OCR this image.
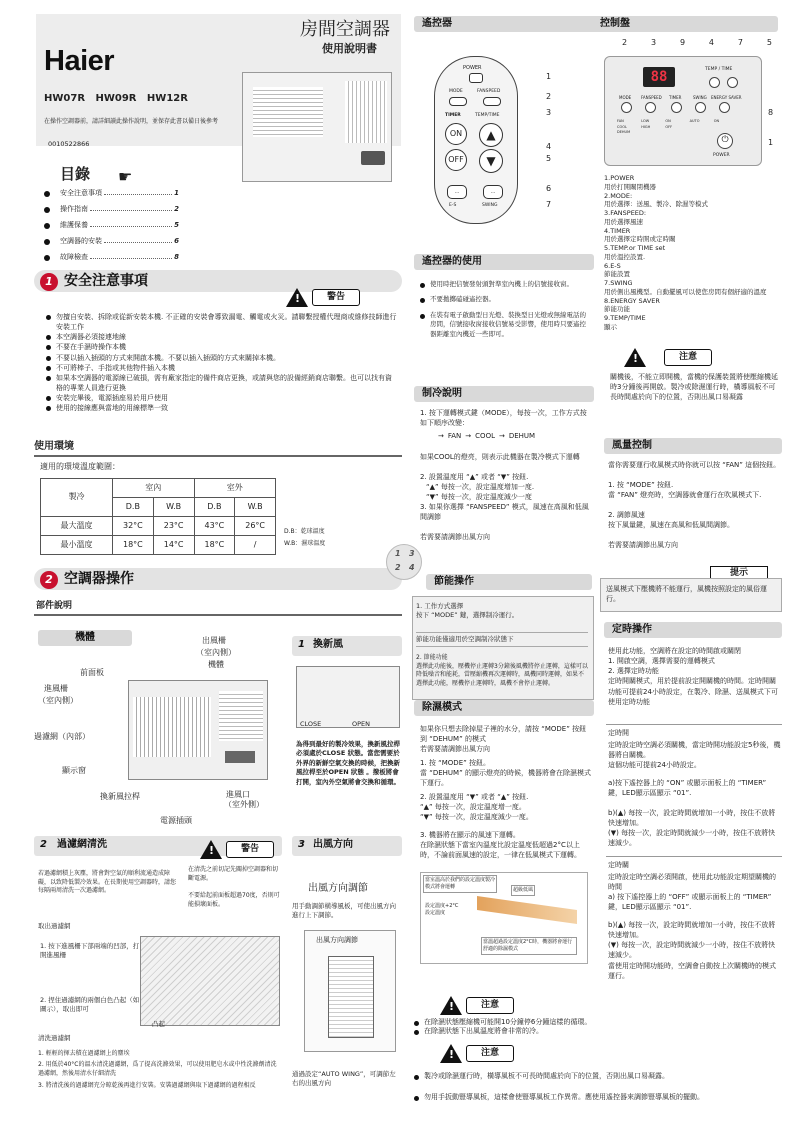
Haier
房間空調器
使用說明書
HW07R   HW09R   HW12R
在操作空調器前，請詳細讀此操作說明，並保存此書以備日後參考
0010522866
目錄 ☛
安全注意事項	1
操作指南	2
維護保養	5
空調器的安裝	6
故障檢查	8
1 安全注意事項
!
警告
勿擅自安裝、拆除或從新安裝本機. 不正確的安裝會導致漏電、觸電或火災。請聯繫授權代理商或維修技師進行安裝工作
本空調器必須接連地線
不要在手濕時操作本機
不要以插入插頭的方式來開啟本機。不要以插入插頭的方式來關掉本機。
不可將棒子、手指或其他物件插入本機
如果本空調器的電源線已破損，需有廠家指定的備件商店更換，或請與您的設備經銷商店聯繫。也可以找有資格的專業人員進行更換
安裝完畢後，電源插座易於用戶使用
使用的接線應與當地的用線標準一致
使用環境
適用的環境溫度範圍：
製冷	室內		室外	
	D.B	W.B	D.B	W.B
最大溫度	32°C	23°C	43°C	26°C
最小溫度	18°C	14°C	18°C	/
D.B：乾球溫度
W.B：濕球溫度
2 空調器操作
部件說明
機體	出風柵
（室內側）
機體
前面板
進風柵
（室內側）
過濾網（內部）
顯示窗
換新風拉桿	進風口
（室外側）
電源插頭
1 換新風
CLOSE	OPEN
為得到最好的製冷效果，換新風拉桿必須處於CLOSE 狀態。當您需要於外界的新鮮空氣交換的時候，把換新風拉桿至於OPEN 狀態 。撥板將會打開，室內外空氣將會交換和循環。
2 過濾網清洗 !	警告
在清洗之前切記先關掉空調器和切斷電源。
不要給起前面板超過70度，否則可能損壞面板。
若過濾網積上灰塵，將會對空氣的順利流通造成障礙，以致降低製冷效果。在長期使用空調器時，請您每隔兩周清洗一次過濾網。
取出過濾網
1. 按下進風柵下部兩端的凹部，打開進風柵
2. 捏住過濾網的兩個白色凸起（如圖示），取出即可
凸起
清洗過濾網
1. 輕輕的揮去積在過濾網上的塵埃
2. 用低於40°C的溫水清洗過濾網，爲了提高洗滌效果，可以使用肥皂水或中性洗滌劑清洗過濾網，然後用清水仔細清洗
3. 將清洗後的過濾網充分晾乾後再進行安裝。安裝過濾網與取下過濾網的過程相反
3 出風方向
出風方向調節
用手動調節橫導風板，可使出風方向進行上下調節。
出風方向調節
通過設定“AUTO WING”，可調節左右的出風方向
遙控器
POWER
MODE	FANSPEED
TIMER	TEMP/TIME
ON
OFF
▲
▼
…	…
E-S	SWING
1
2
3
4
5
6
7
遙控器的使用
使用時把信號發射頭對準室內機上的信號接收窗。
不要拋擲磕碰遙控器。
在裝有電子啟動型日光燈、裝換型日光燈或無線電話的房間，信號接收窗接收信號易受影響，使用時只要遙控器距離室內機近一些即可。
制冷說明
1. 按下運轉模式鍵（MODE），每按一次，工作方式按如下順序改變：
→ FAN → COOL → DEHUM
如果COOL的燈亮，則表示此機器在製冷模式下運轉
2. 設置溫度用 “▲” 或者 “▼” 按鈕.
“▲” 每按一次，設定溫度增加一度.
“▼” 每按一次，設定溫度減少一度
3. 如果你選擇 “FANSPEED” 模式，風速在高風和低風間調節
若需要請調節出風方向
1 3
2 4
節能操作
1. 工作方式選擇
按下 “MODE” 鍵，選擇制冷運行。
節能功能僅適用於空調制冷狀態下
2. 節能功能
選擇此功能後，壓機停止運轉3分鐘後風機將停止運轉，這樣可以降低噪音和能耗，當壓縮機再次運轉時，風機同時運轉，如果不選擇此功能，壓機停止運轉時，風機不會停止運轉。
除濕模式
如果你只想去除掉屋子裡的水分，請按 “MODE” 按鈕到 “DEHUM” 的模式
若需要請調節出風方向
1. 按 “MODE” 按鈕。
當 “DEHUM” 的顯示燈亮的時候，機器將會在除濕模式下運行。
2. 設置溫度用 “▼” 或者 “▲” 按鈕.
“▲” 每按一次，設定溫度增一度。
“▼” 每按一次，設定溫度減少一度。
3. 機器將在顯示的風速下運轉。
在除濕狀態下當室內溫度比設定溫度低超過2°C以上時，不論前面風速的設定，一律在低風模式下運轉。
當室溫高於我們的設定溫度製冷模式將會運轉
超級低風
設定溫度+2°C
設定溫度
當溫超過設定溫度2°C時，機器將會運行舒適的除濕模式
!
注意
在除濕狀態壓縮機可能開10分鐘停6分鐘這樣的循環。
在除濕狀態下出風溫度將會非常的冷。
!
注意
製冷或除濕運行時，橫導風板不可長時間處於向下的位置，否則出風口易凝露。
勿用手扳動豎導風板，這樣會使豎導風板工作異常。應使用遙控器來調節豎導風板的擺動。
控制盤
2	3	9	4	7	5
88	TEMP / TIME
MODE FANSPEED TIMER	SWING ENERGY SAVER
FAN	LOW	ON	AUTO	ON
COOL	HIGH	OFF
DEHUM
⏻
POWER
8
1
1.POWER
用於打開關閉機器
2.MODE:
用於選擇：送風、製冷、除濕等模式
3.FANSPEED:
用於選擇風速
4.TIMER
用於選擇定時開或定時關
5.TEMP.or TIME set
用於溫控設置.
6.E-S
節能設置
7.SWING
用於側出風機型。自動擺風可以使您房間有個舒適的溫度
8.ENERGY SAVER
節能功能
9.TEMP/TIME
顯示
!
注意
關機後，不能立即開機，當機的保護裝置將使壓縮機延時3分鐘後再開啟。製冷或除濕運行時，橫導風板不可長時間處於向下的位置，否則出風口易凝露
風量控制
當你需要運行收風模式時你就可以按 “FAN” 這個按鈕。
1. 按 “MODE” 按鈕.
當 “FAN” 燈亮時，空調器就會運行在吹風模式下.
2. 調節風速
按下風量鍵，風速在高風和低風間調節。
若需要請調節出風方向
提示
送風模式下壓機將不能運行，風機按照設定的風俗運行。
定時操作
使用此功能，空調將在設定的時間啟或關閉
1. 開啟空調，選擇需要的運轉模式
2. 選擇定時功能
定時開關模式，用於提前設定開關機的時間。定時開關功能可提前24小時設定，在製冷、除濕、送風模式下可使用定時功能
定時開
定時設定時空調必須關機，當定時開功能設定5秒後，機器將自關機。
這個功能可提前24小時設定。
a)按下遙控器上的 “ON” 或顯示面板上的 “TIMER” 鍵，LED顯示區顯示 “01”.
b)(▲) 每按一次，設定時間就增加一小時，按住不放將快速增加。
(▼) 每按一次，設定時間就減少一小時，按住不放將快速減少。
定時關
定時設定時空調必須開啟，使用此功能設定期望關機的時間
a) 按下遙控器上的 “OFF” 或顯示面板上的 “TIMER” 鍵，LED顯示區顯示 “01”.
b)(▲) 每按一次，設定時間就增加一小時，按住不放將快速增加。
(▼) 每按一次，設定時間就減少一小時，按住不放將快速減少。
當使用定時開功能時，空調會自動按上次關機時的模式運行。
